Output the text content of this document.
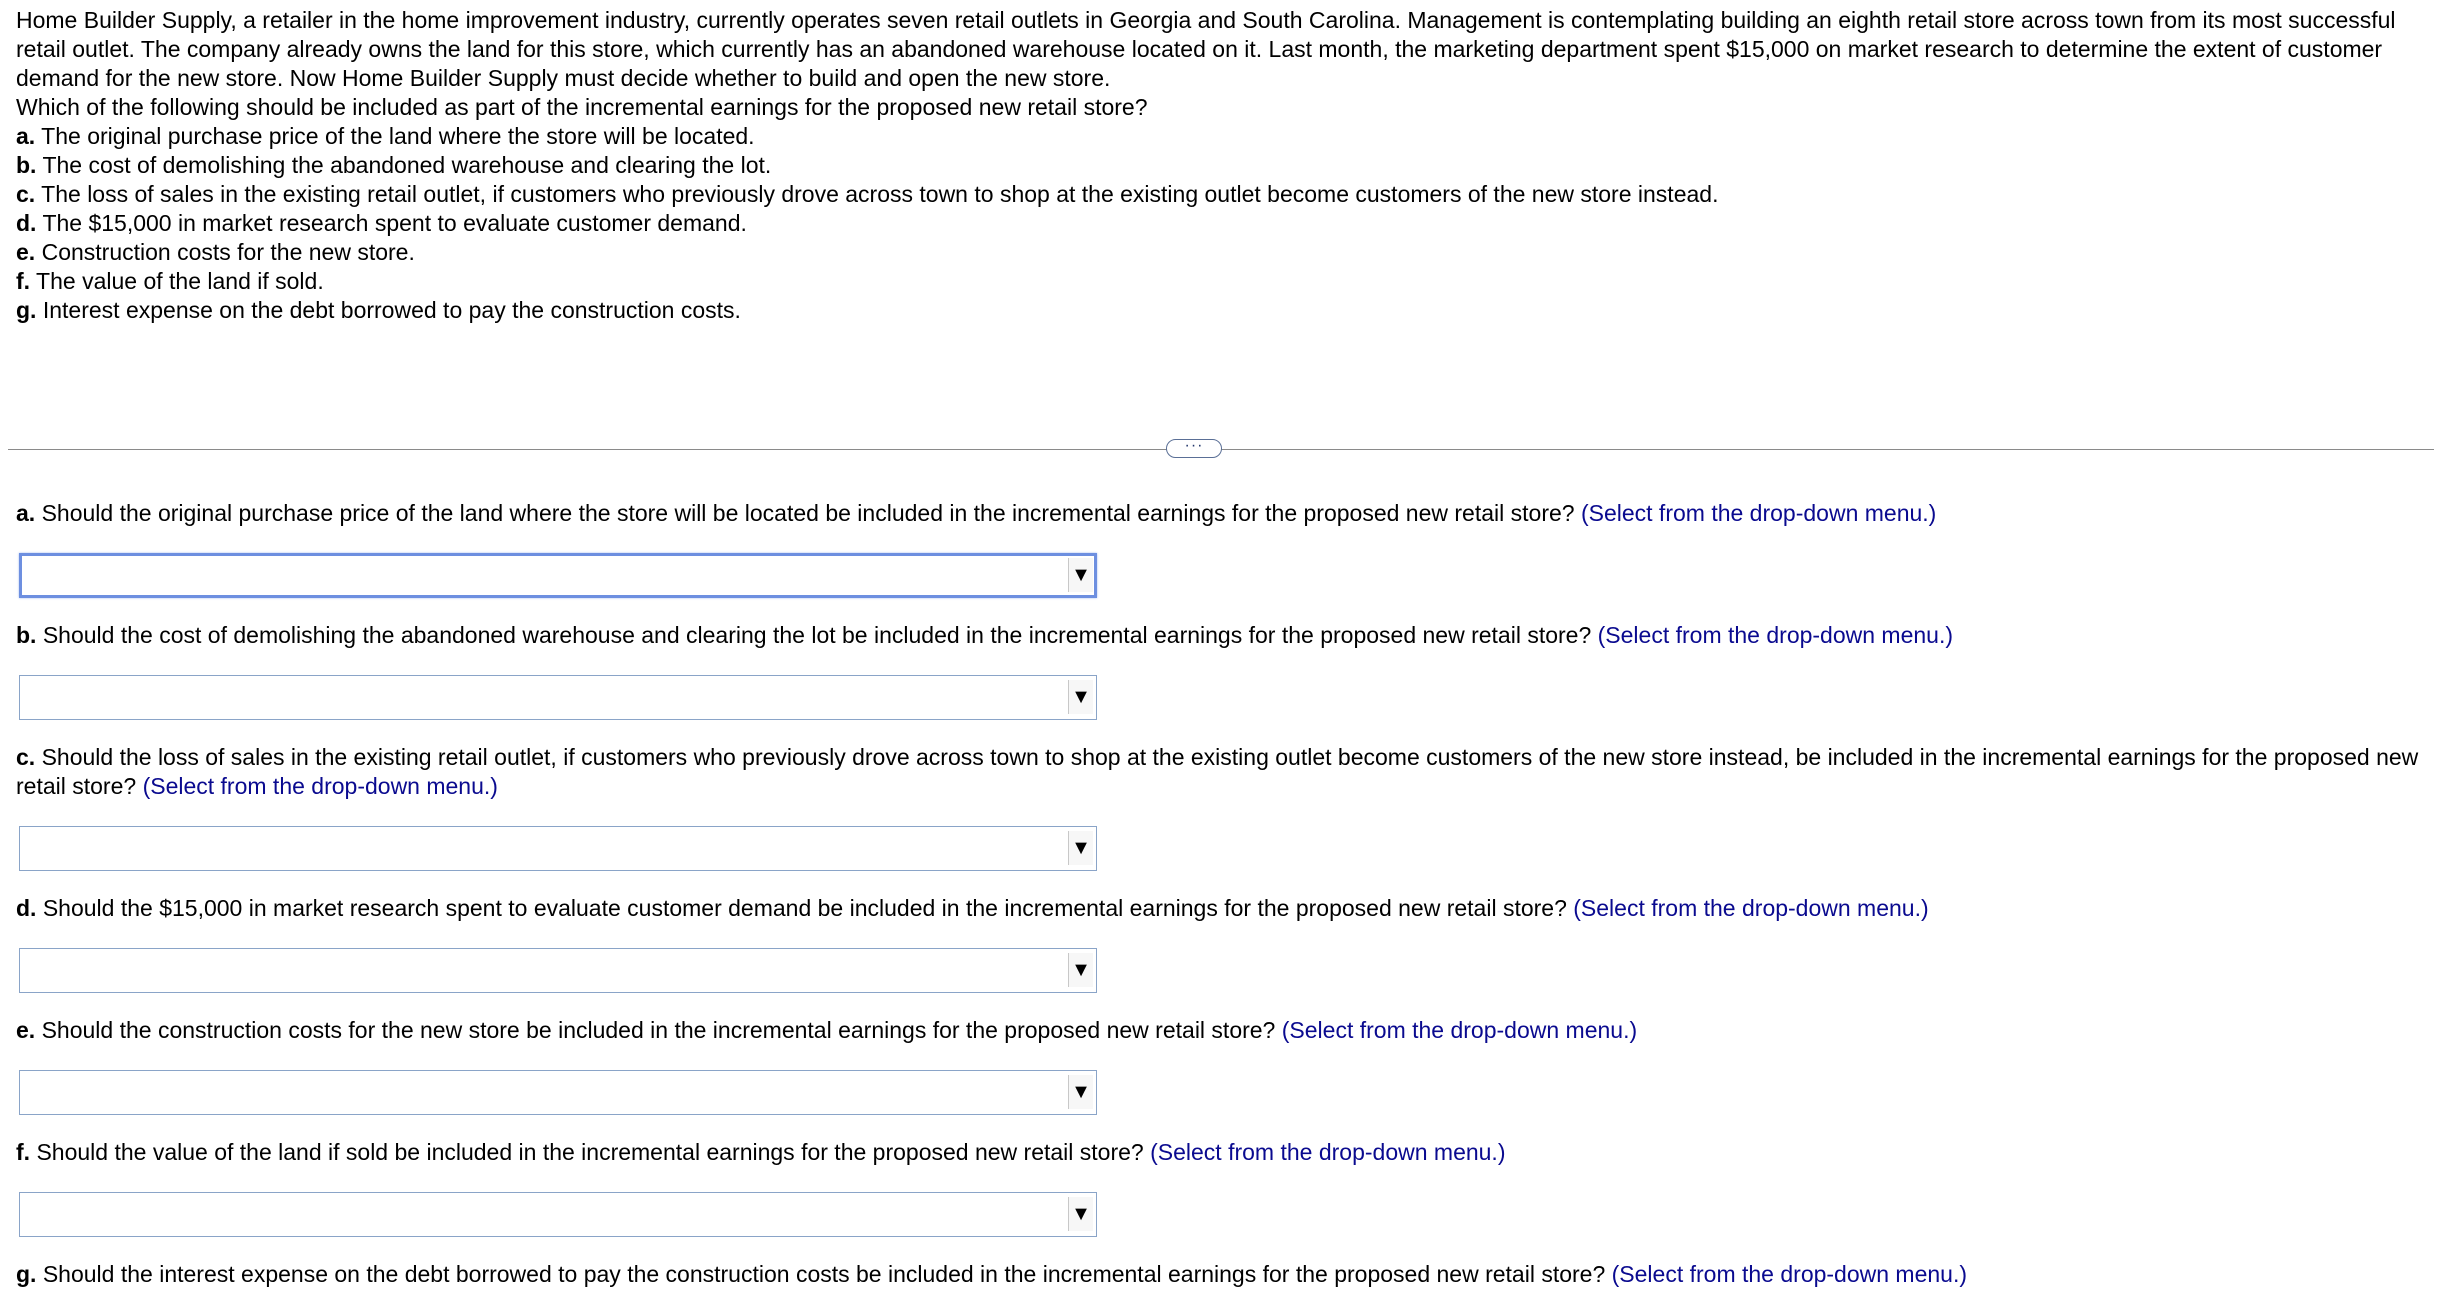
Home Builder Supply, a retailer in the home improvement industry, currently operates seven retail outlets in Georgia and South Carolina. Management is contemplating building an eighth retail store across town from its most successful retail outlet. The company already owns the land for this store, which currently has an abandoned warehouse located on it. Last month, the marketing department spent $15,000 on market research to determine the extent of customer demand for the new store. Now Home Builder Supply must decide whether to build and open the new store.

Which of the following should be included as part of the incremental earnings for the proposed new retail store?

a. The original purchase price of the land where the store will be located.
b. The cost of demolishing the abandoned warehouse and clearing the lot.
c. The loss of sales in the existing retail outlet, if customers who previously drove across town to shop at the existing outlet become customers of the new store instead.
d. The $15,000 in market research spent to evaluate customer demand.
e. Construction costs for the new store.
f. The value of the land if sold.
g. Interest expense on the debt borrowed to pay the construction costs.
···
a. Should the original purchase price of the land where the store will be located be included in the incremental earnings for the proposed new retail store? (Select from the drop-down menu.)
▼
b. Should the cost of demolishing the abandoned warehouse and clearing the lot be included in the incremental earnings for the proposed new retail store? (Select from the drop-down menu.)
▼
c. Should the loss of sales in the existing retail outlet, if customers who previously drove across town to shop at the existing outlet become customers of the new store instead, be included in the incremental earnings for the proposed new retail store? (Select from the drop-down menu.)
▼
d. Should the $15,000 in market research spent to evaluate customer demand be included in the incremental earnings for the proposed new retail store? (Select from the drop-down menu.)
▼
e. Should the construction costs for the new store be included in the incremental earnings for the proposed new retail store? (Select from the drop-down menu.)
▼
f. Should the value of the land if sold be included in the incremental earnings for the proposed new retail store? (Select from the drop-down menu.)
▼
g. Should the interest expense on the debt borrowed to pay the construction costs be included in the incremental earnings for the proposed new retail store? (Select from the drop-down menu.)
